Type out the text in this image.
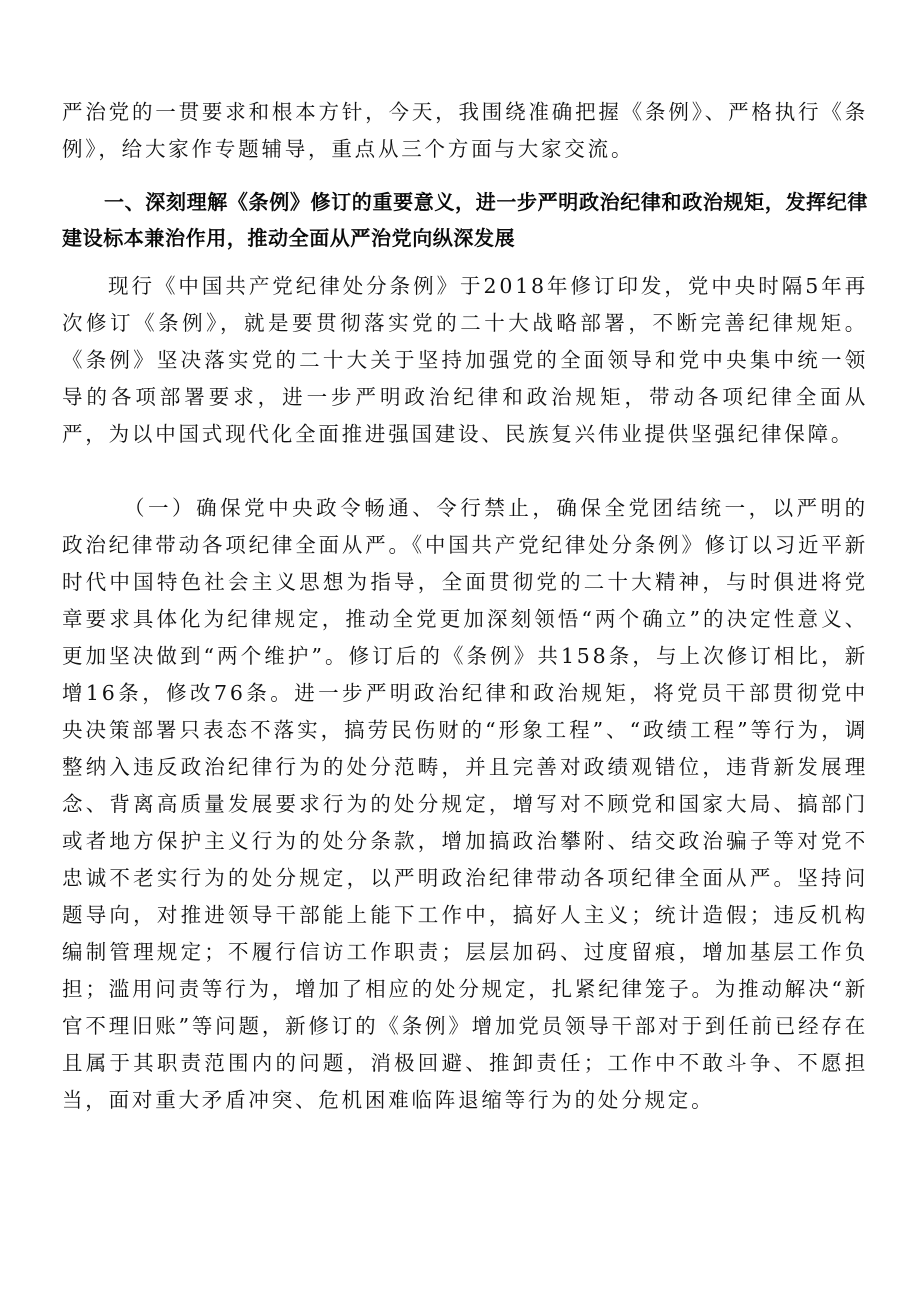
严治党的一贯要求和根本方针，今天，我围绕准确把握《条例》、严格执行《条例》，给大家作专题辅导，重点从三个方面与大家交流。

一、深刻理解《条例》修订的重要意义，进一步严明政治纪律和政治规矩，发挥纪律建设标本兼治作用，推动全面从严治党向纵深发展

现行《中国共产党纪律处分条例》于2018年修订印发，党中央时隔5年再次修订《条例》，就是要贯彻落实党的二十大战略部署，不断完善纪律规矩。《条例》坚决落实党的二十大关于坚持加强党的全面领导和党中央集中统一领导的各项部署要求，进一步严明政治纪律和政治规矩，带动各项纪律全面从严，为以中国式现代化全面推进强国建设、民族复兴伟业提供坚强纪律保障。

（一）确保党中央政令畅通、令行禁止，确保全党团结统一，以严明的政治纪律带动各项纪律全面从严。《中国共产党纪律处分条例》修订以习近平新时代中国特色社会主义思想为指导，全面贯彻党的二十大精神，与时俱进将党章要求具体化为纪律规定，推动全党更加深刻领悟“两个确立”的决定性意义、更加坚决做到“两个维护”。修订后的《条例》共158条，与上次修订相比，新增16条，修改76条。进一步严明政治纪律和政治规矩，将党员干部贯彻党中央决策部署只表态不落实，搞劳民伤财的“形象工程”、“政绩工程”等行为，调整纳入违反政治纪律行为的处分范畴，并且完善对政绩观错位，违背新发展理念、背离高质量发展要求行为的处分规定，增写对不顾党和国家大局、搞部门或者地方保护主义行为的处分条款，增加搞政治攀附、结交政治骗子等对党不忠诚不老实行为的处分规定，以严明政治纪律带动各项纪律全面从严。坚持问题导向，对推进领导干部能上能下工作中，搞好人主义；统计造假；违反机构编制管理规定；不履行信访工作职责；层层加码、过度留痕，增加基层工作负担；滥用问责等行为，增加了相应的处分规定，扎紧纪律笼子。为推动解决“新官不理旧账”等问题，新修订的《条例》增加党员领导干部对于到任前已经存在且属于其职责范围内的问题，消极回避、推卸责任；工作中不敢斗争、不愿担当，面对重大矛盾冲突、危机困难临阵退缩等行为的处分规定。
